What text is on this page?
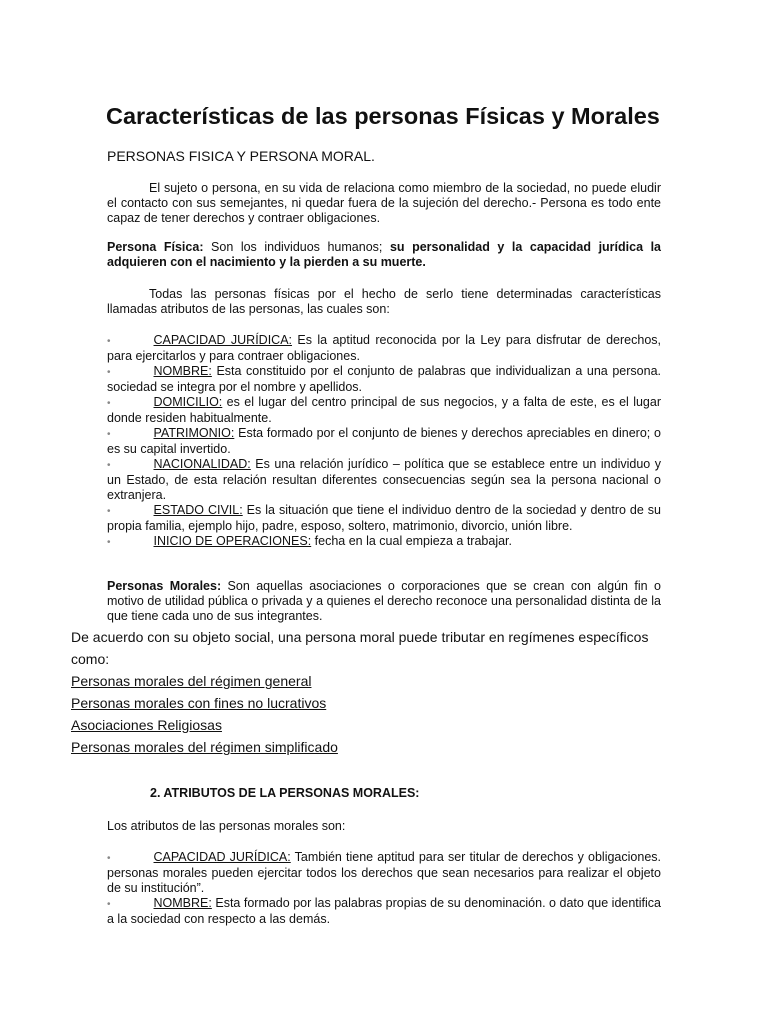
Características de las personas Físicas y Morales
PERSONAS FISICA Y PERSONA MORAL.
El sujeto o persona, en su vida de relaciona como miembro de la sociedad, no puede eludir el contacto con sus semejantes, ni quedar fuera de la sujeción del derecho.- Persona es todo ente capaz de tener derechos y contraer obligaciones.
Persona Física: Son los individuos humanos; su personalidad y la capacidad jurídica la adquieren con el nacimiento y la pierden a su muerte.
Todas las personas físicas por el hecho de serlo tiene determinadas características llamadas atributos de las personas, las cuales son:
•	CAPACIDAD JURÍDICA: Es la aptitud reconocida por la Ley para disfrutar de derechos, para ejercitarlos y para contraer obligaciones.
•	NOMBRE: Esta constituido por el conjunto de palabras que individualizan a una persona. sociedad se integra por el nombre y apellidos.
•	DOMICILIO: es el lugar del centro principal de sus negocios, y a falta de este, es el lugar donde residen habitualmente.
•	PATRIMONIO: Esta formado por el conjunto de bienes y derechos apreciables en dinero; o es su capital invertido.
•	NACIONALIDAD: Es una relación jurídico – política que se establece entre un individuo y un Estado, de esta relación resultan diferentes consecuencias según sea la persona nacional o extranjera.
•	ESTADO CIVIL: Es la situación que tiene el individuo dentro de la sociedad y dentro de su propia familia, ejemplo hijo, padre, esposo, soltero, matrimonio, divorcio, unión libre.
•	INICIO DE OPERACIONES: fecha en la cual empieza a trabajar.
Personas Morales: Son aquellas asociaciones o corporaciones que se crean con algún fin o motivo de utilidad pública o privada y a quienes el derecho reconoce una personalidad distinta de la que tiene cada uno de sus integrantes.
De acuerdo con su objeto social, una persona moral puede tributar en regímenes específicos como:
Personas morales del régimen general
Personas morales con fines no lucrativos
Asociaciones Religiosas
Personas morales del régimen simplificado
2. ATRIBUTOS DE LA PERSONAS MORALES:
Los atributos de las personas morales son:
•	CAPACIDAD JURÍDICA: También tiene aptitud para ser titular de derechos y obligaciones. personas morales pueden ejercitar todos los derechos que sean necesarios para realizar el objeto de su institución”.
•	NOMBRE: Esta formado por las palabras propias de su denominación. o dato que identifica a la sociedad con respecto a las demás.
